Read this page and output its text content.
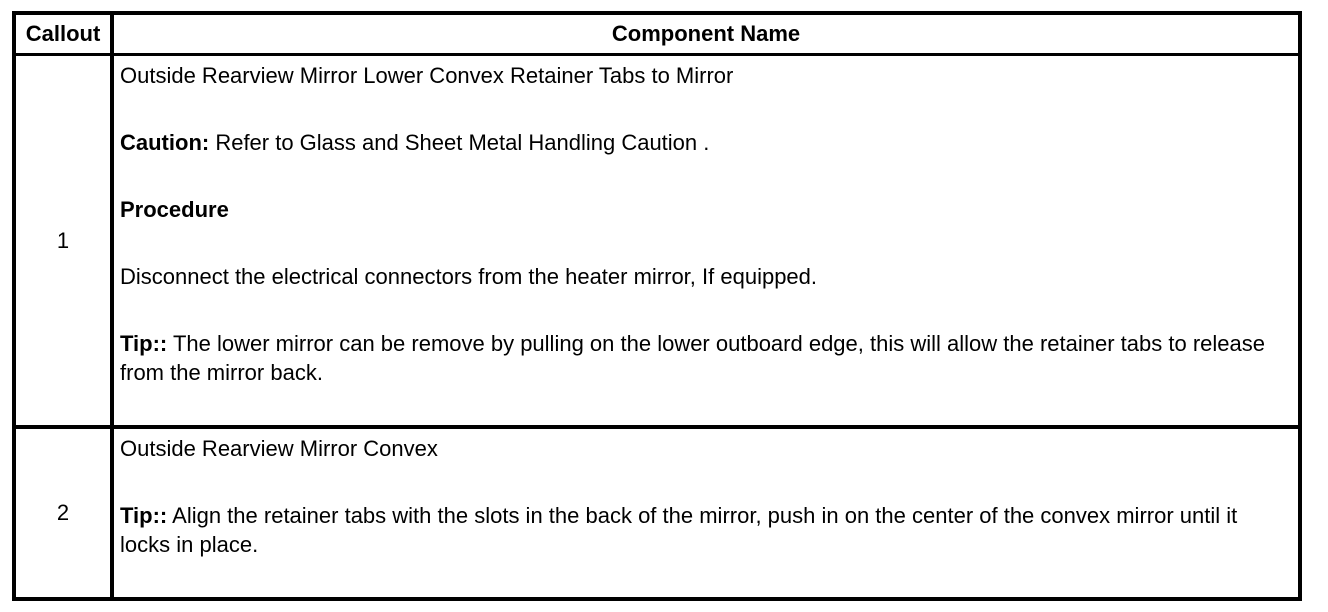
Callout	Component Name
1

Outside Rearview Mirror Lower Convex Retainer Tabs to Mirror

Caution: Refer to Glass and Sheet Metal Handling Caution .

Procedure

Disconnect the electrical connectors from the heater mirror, If equipped.

Tip:: The lower mirror can be remove by pulling on the lower outboard edge, this will allow the retainer tabs to release from the mirror back.

2

Outside Rearview Mirror Convex

Tip:: Align the retainer tabs with the slots in the back of the mirror, push in on the center of the convex mirror until it locks in place.
